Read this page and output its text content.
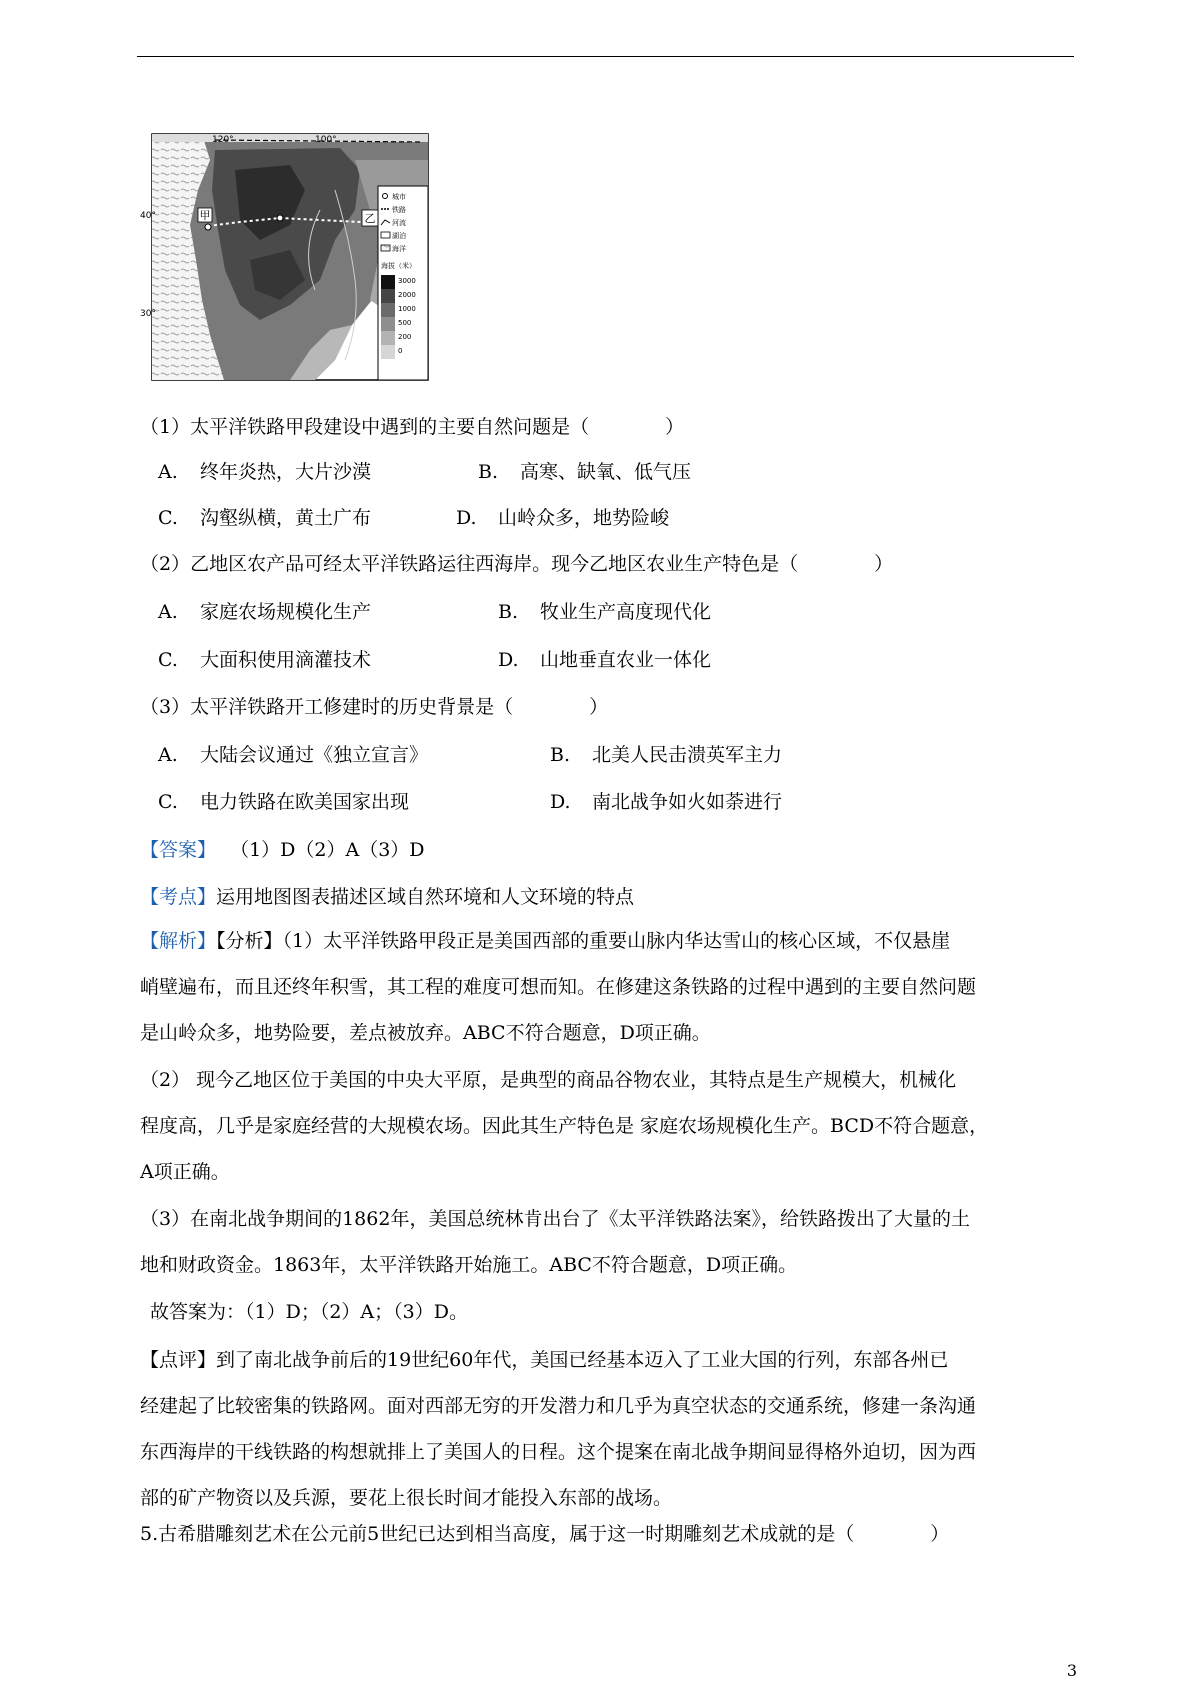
甲	乙
120°	100°
40°
30°
城市
铁路
河流
湖泊
海洋
海拔（米）
3000
2000
1000
500
200
0
（1）太平洋铁路甲段建设中遇到的主要自然问题是（　　　　）
A. 终年炎热，大片沙漠	B. 高寒、缺氧、低气压
C. 沟壑纵横，黄土广布	D. 山岭众多，地势险峻
（2）乙地区农产品可经太平洋铁路运往西海岸。现今乙地区农业生产特色是（　　　　）
A. 家庭农场规模化生产	B. 牧业生产高度现代化
C. 大面积使用滴灌技术	D. 山地垂直农业一体化
（3）太平洋铁路开工修建时的历史背景是（　　　　）
A. 大陆会议通过《独立宣言》	B. 北美人民击溃英军主力
C. 电力铁路在欧美国家出现	D. 南北战争如火如荼进行
【答案】 （1）D（2）A（3）D
【考点】运用地图图表描述区域自然环境和人文环境的特点
【解析】【分析】（1）太平洋铁路甲段正是美国西部的重要山脉内华达雪山的核心区域，不仅悬崖
峭壁遍布，而且还终年积雪，其工程的难度可想而知。在修建这条铁路的过程中遇到的主要自然问题
是山岭众多，地势险要，差点被放弃。ABC不符合题意，D项正确。
（2） 现今乙地区位于美国的中央大平原，是典型的商品谷物农业，其特点是生产规模大，机械化
程度高，几乎是家庭经营的大规模农场。因此其生产特色是 家庭农场规模化生产。BCD不符合题意，
A项正确。
（3）在南北战争期间的1862年，美国总统林肯出台了《太平洋铁路法案》，给铁路拨出了大量的土
地和财政资金。1863年，太平洋铁路开始施工。ABC不符合题意，D项正确。
故答案为：（1）D；（2）A；（3）D。
【点评】到了南北战争前后的19世纪60年代，美国已经基本迈入了工业大国的行列，东部各州已
经建起了比较密集的铁路网。面对西部无穷的开发潜力和几乎为真空状态的交通系统，修建一条沟通
东西海岸的干线铁路的构想就排上了美国人的日程。这个提案在南北战争期间显得格外迫切，因为西
部的矿产物资以及兵源，要花上很长时间才能投入东部的战场。
5.古希腊雕刻艺术在公元前5世纪已达到相当高度，属于这一时期雕刻艺术成就的是（　　　　）
3
